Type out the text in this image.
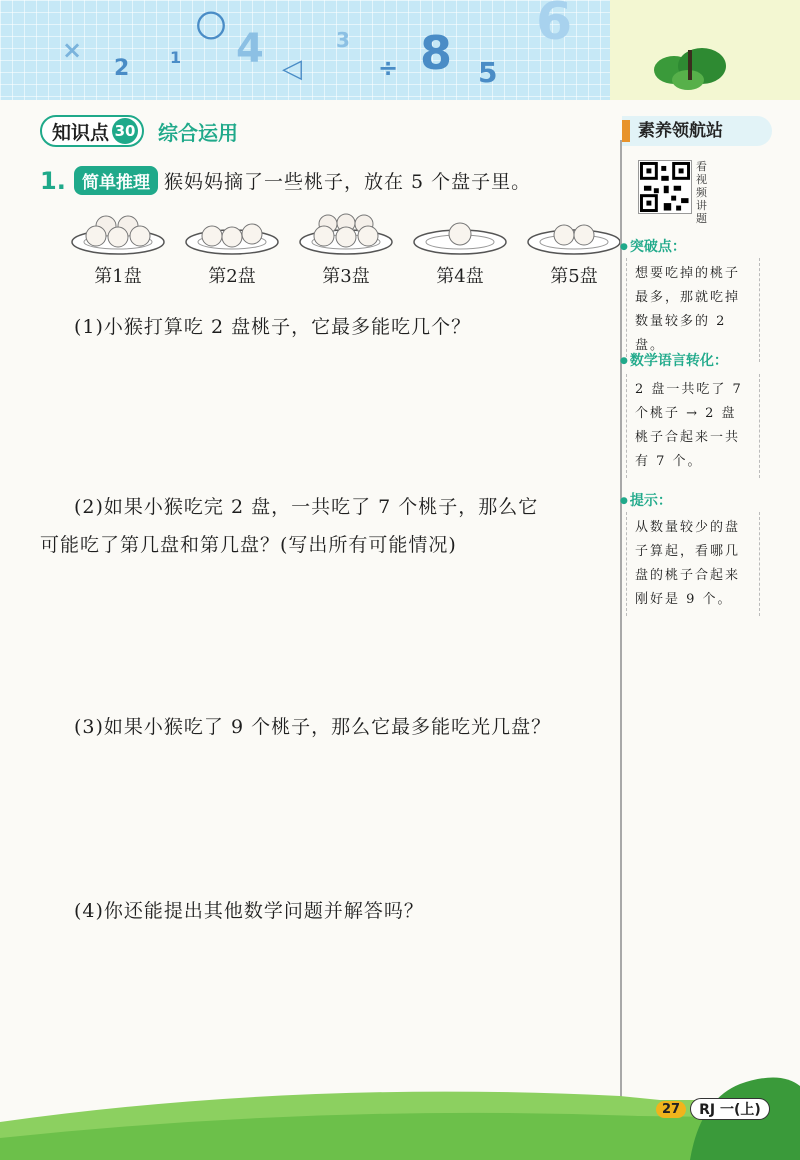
×
2	1
〇 4 ◁
3
÷ 8 5
6
知识点 30 综合运用
1. 简单推理 猴妈妈摘了一些桃子，放在 5 个盘子里。
第1盘	第2盘	第3盘	第4盘	第5盘
(1)小猴打算吃 2 盘桃子，它最多能吃几个？
(2)如果小猴吃完 2 盘，一共吃了 7 个桃子，那么它
可能吃了第几盘和第几盘？(写出所有可能情况)
(3)如果小猴吃了 9 个桃子，那么它最多能吃光几盘？
(4)你还能提出其他数学问题并解答吗？
素养领航站
看视频讲题
● 突破点：
想要吃掉的桃子最多，那就吃掉数量较多的 2 盘。
● 数学语言转化：
2 盘一共吃了 7 个桃子 → 2 盘桃子合起来一共有 7 个。
● 提示：
从数量较少的盘子算起，看哪几盘的桃子合起来刚好是 9 个。
27	RJ 一(上)
